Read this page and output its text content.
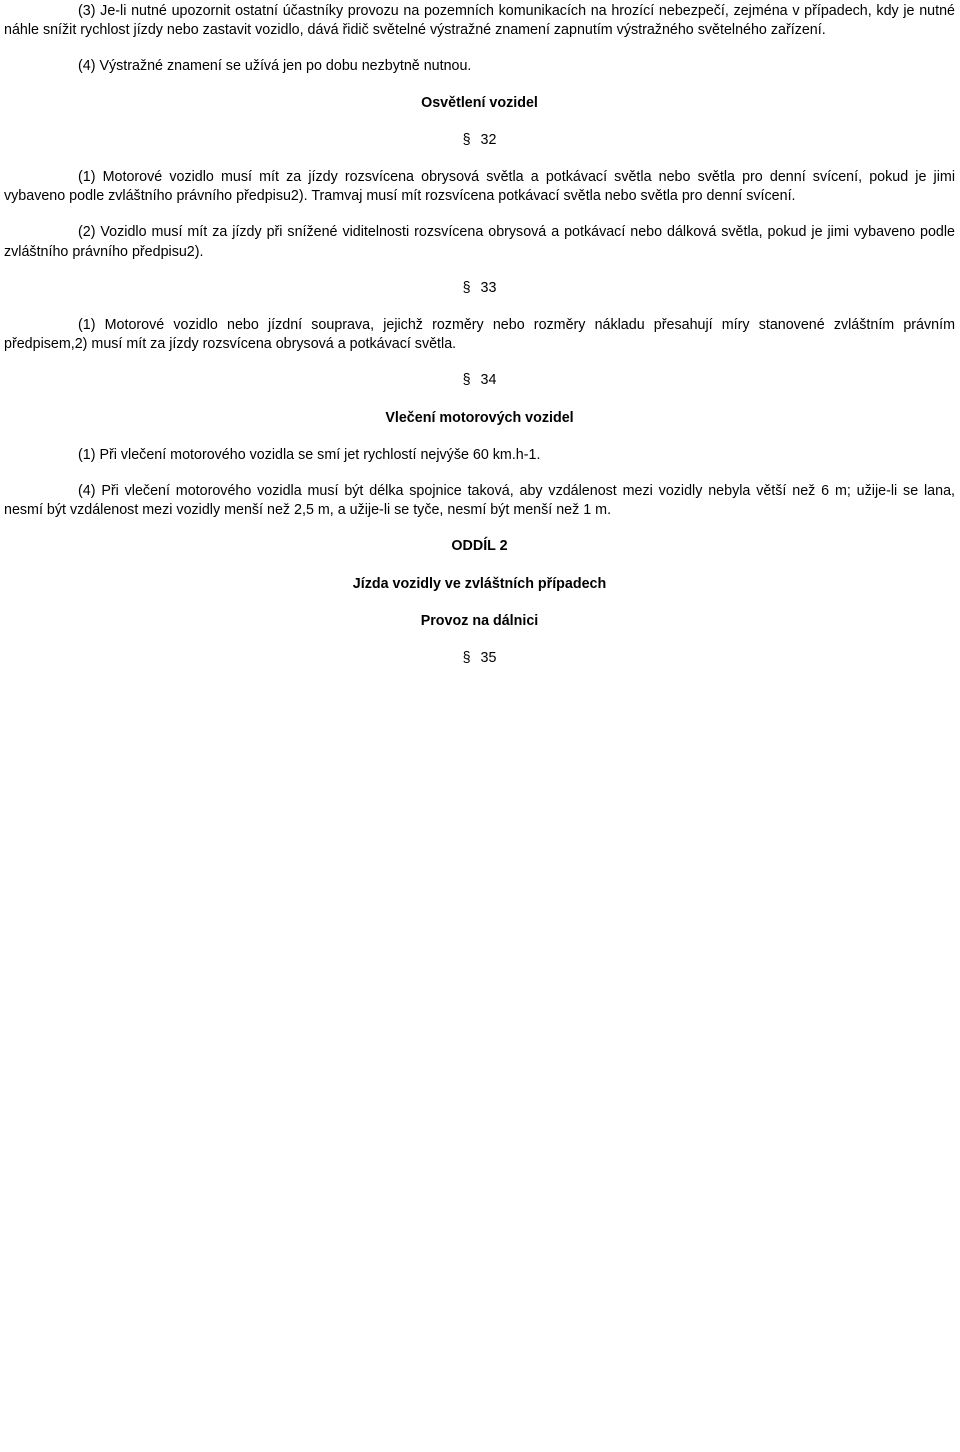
(3) Je-li nutné upozornit ostatní účastníky provozu na pozemních komunikacích na hrozící nebezpečí, zejména v případech, kdy je nutné náhle snížit rychlost jízdy nebo zastavit vozidlo, dává řidič světelné výstražné znamení zapnutím výstražného světelného zařízení.

(4) Výstražné znamení se užívá jen po dobu nezbytně nutnou.

Osvětlení vozidel
§ 32

(1) Motorové vozidlo musí mít za jízdy rozsvícena obrysová světla a potkávací světla nebo světla pro denní svícení, pokud je jimi vybaveno podle zvláštního právního předpisu2). Tramvaj musí mít rozsvícena potkávací světla nebo světla pro denní svícení.

(2) Vozidlo musí mít za jízdy při snížené viditelnosti rozsvícena obrysová a potkávací nebo dálková světla, pokud je jimi vybaveno podle zvláštního právního předpisu2).

§ 33

(1) Motorové vozidlo nebo jízdní souprava, jejichž rozměry nebo rozměry nákladu přesahují míry stanovené zvláštním právním předpisem,2) musí mít za jízdy rozsvícena obrysová a potkávací světla.

§ 34
Vlečení motorových vozidel

(1) Při vlečení motorového vozidla se smí jet rychlostí nejvýše 60 km.h-1.

(4) Při vlečení motorového vozidla musí být délka spojnice taková, aby vzdálenost mezi vozidly nebyla větší než 6 m; užije-li se lana, nesmí být vzdálenost mezi vozidly menší než 2,5 m, a užije-li se tyče, nesmí být menší než 1 m.

ODDÍL 2
Jízda vozidly ve zvláštních případech
Provoz na dálnici
§ 35
